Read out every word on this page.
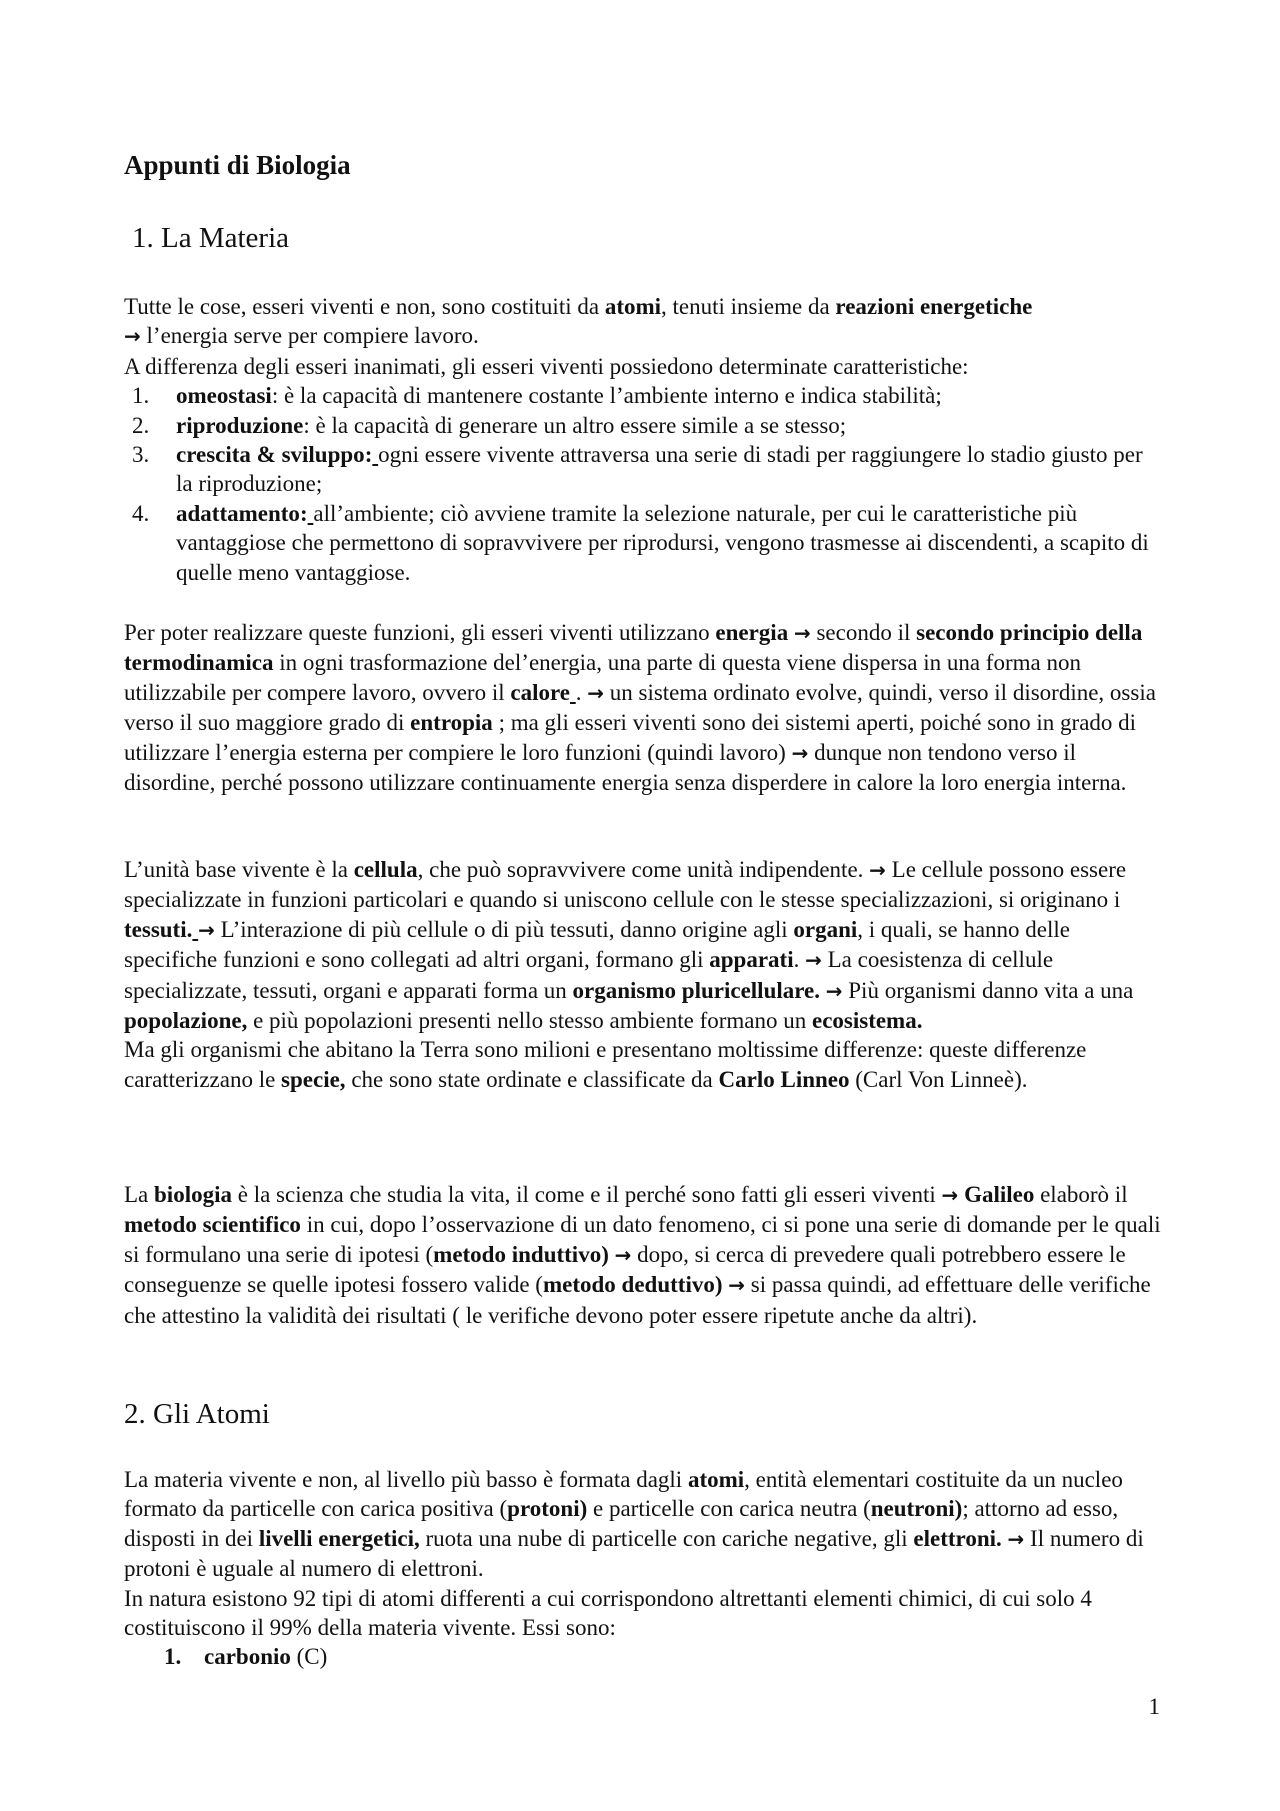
Appunti di Biologia
1. La Materia

Tutte le cose, esseri viventi e non, sono costituiti da atomi, tenuti insieme da reazioni energetiche
→ l’energia serve per compiere lavoro.

A differenza degli esseri inanimati, gli esseri viventi possiedono determinate caratteristiche:

1. omeostasi: è la capacità di mantenere costante l’ambiente interno e indica stabilità;
2. riproduzione: è la capacità di generare un altro essere simile a se stesso;
3. crescita & sviluppo: ogni essere vivente attraversa una serie di stadi per raggiungere lo stadio giusto per la riproduzione;
4. adattamento: all’ambiente; ciò avviene tramite la selezione naturale, per cui le caratteristiche più vantaggiose che permettono di sopravvivere per riprodursi, vengono trasmesse ai discendenti, a scapito di quelle meno vantaggiose.

Per poter realizzare queste funzioni, gli esseri viventi utilizzano energia → secondo il secondo principio della termodinamica in ogni trasformazione del’energia, una parte di questa viene dispersa in una forma non utilizzabile per compere lavoro, ovvero il calore . → un sistema ordinato evolve, quindi, verso il disordine, ossia verso il suo maggiore grado di entropia ; ma gli esseri viventi sono dei sistemi aperti, poiché sono in grado di utilizzare l’energia esterna per compiere le loro funzioni (quindi lavoro) → dunque non tendono verso il disordine, perché possono utilizzare continuamente energia senza disperdere in calore la loro energia interna.

L’unità base vivente è la cellula, che può sopravvivere come unità indipendente. → Le cellule possono essere specializzate in funzioni particolari e quando si uniscono cellule con le stesse specializzazioni, si originano i tessuti. → L’interazione di più cellule o di più tessuti, danno origine agli organi, i quali, se hanno delle specifiche funzioni e sono collegati ad altri organi, formano gli apparati. → La coesistenza di cellule specializzate, tessuti, organi e apparati forma un organismo pluricellulare. → Più organismi danno vita a una popolazione, e più popolazioni presenti nello stesso ambiente formano un ecosistema.

Ma gli organismi che abitano la Terra sono milioni e presentano moltissime differenze: queste differenze caratterizzano le specie, che sono state ordinate e classificate da Carlo Linneo (Carl Von Linneè).

La biologia è la scienza che studia la vita, il come e il perché sono fatti gli esseri viventi → Galileo elaborò il metodo scientifico in cui, dopo l’osservazione di un dato fenomeno, ci si pone una serie di domande per le quali si formulano una serie di ipotesi (metodo induttivo) → dopo, si cerca di prevedere quali potrebbero essere le conseguenze se quelle ipotesi fossero valide (metodo deduttivo) → si passa quindi, ad effettuare delle verifiche che attestino la validità dei risultati ( le verifiche devono poter essere ripetute anche da altri).

2. Gli Atomi

La materia vivente e non, al livello più basso è formata dagli atomi, entità elementari costituite da un nucleo formato da particelle con carica positiva (protoni) e particelle con carica neutra (neutroni); attorno ad esso, disposti in dei livelli energetici, ruota una nube di particelle con cariche negative, gli elettroni. → Il numero di protoni è uguale al numero di elettroni.

In natura esistono 92 tipi di atomi differenti a cui corrispondono altrettanti elementi chimici, di cui solo 4 costituiscono il 99% della materia vivente. Essi sono:

1. carbonio (C)
1
